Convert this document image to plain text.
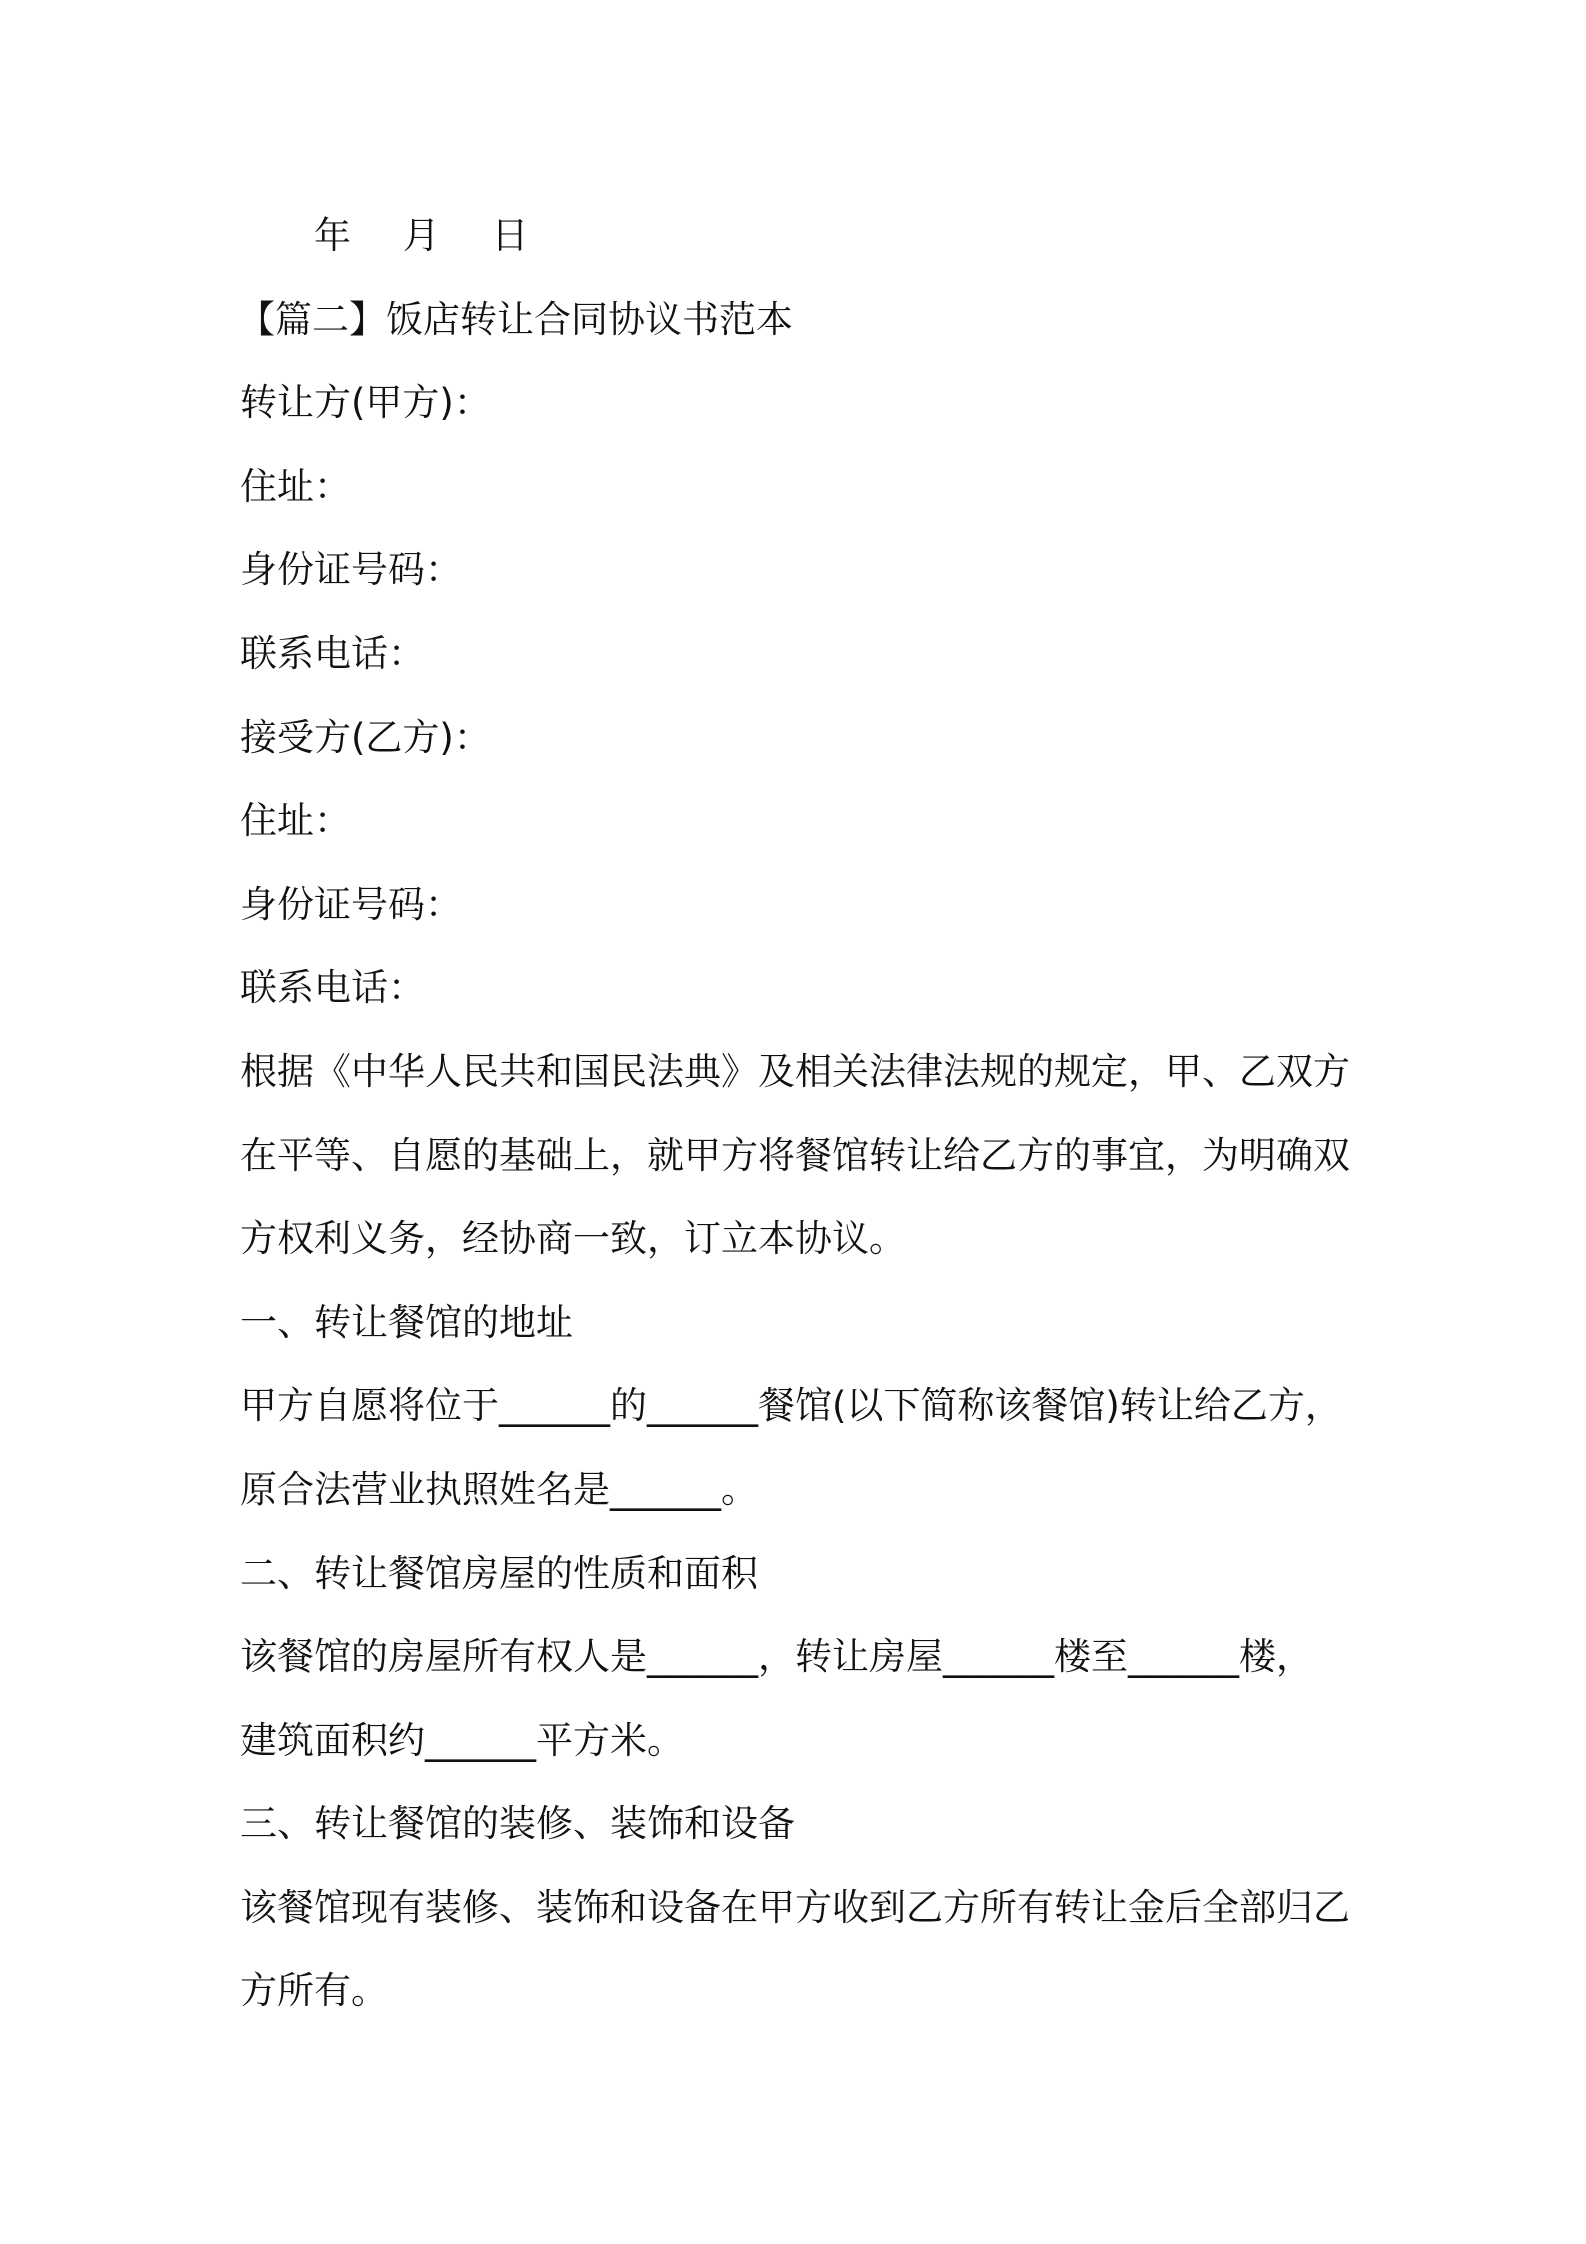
年 月 日
【篇二】饭店转让合同协议书范本
转让方(甲方)：
住址：
身份证号码：
联系电话：
接受方(乙方)：
住址：
身份证号码：
联系电话：
根据《中华人民共和国民法典》及相关法律法规的规定，甲、乙双方
在平等、自愿的基础上，就甲方将餐馆转让给乙方的事宜，为明确双
方权利义务，经协商一致，订立本协议。
一、转让餐馆的地址
甲方自愿将位于______的______餐馆(以下简称该餐馆)转让给乙方，
原合法营业执照姓名是______。
二、转让餐馆房屋的性质和面积
该餐馆的房屋所有权人是______，转让房屋______楼至______楼，
建筑面积约______平方米。
三、转让餐馆的装修、装饰和设备
该餐馆现有装修、装饰和设备在甲方收到乙方所有转让金后全部归乙
方所有。
